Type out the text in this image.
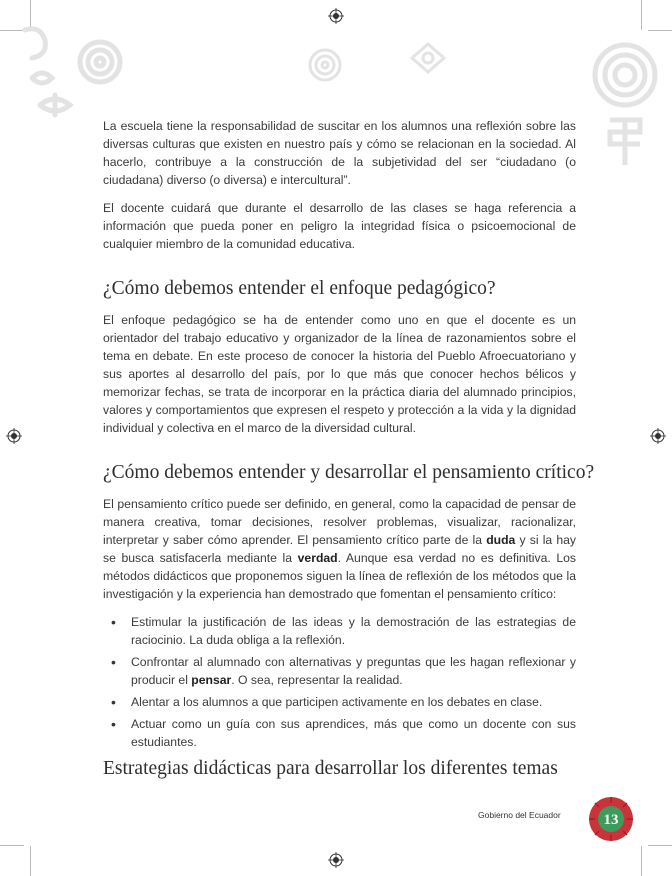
La escuela tiene la responsabilidad de suscitar en los alumnos una reflexión sobre las diversas culturas que existen en nuestro país y cómo se relacionan en la sociedad. Al hacerlo, contribuye a la construcción de la subjetividad del ser “ciudadano (o ciudadana) diverso (o diversa) e intercultural”.

El docente cuidará que durante el desarrollo de las clases se haga referencia a información que pueda poner en peligro la integridad física o psicoemocional de cualquier miembro de la comunidad educativa.

¿Cómo debemos entender el enfoque pedagógico?

El enfoque pedagógico se ha de entender como uno en que el docente es un orientador del trabajo educativo y organizador de la línea de razonamientos sobre el tema en debate. En este proceso de conocer la historia del Pueblo Afroecuatoriano y sus aportes al desarrollo del país, por lo que más que conocer hechos bélicos y memorizar fechas, se trata de incorporar en la práctica diaria del alumnado principios, valores y comportamientos que expresen el respeto y protección a la vida y la dignidad individual y colectiva en el marco de la diversidad cultural.

¿Cómo debemos entender y desarrollar el pensamiento crítico?

El pensamiento crítico puede ser definido, en general, como la capacidad de pensar de manera creativa, tomar decisiones, resolver problemas, visualizar, racionalizar, interpretar y saber cómo aprender. El pensamiento crítico parte de la duda y si la hay se busca satisfacerla mediante la verdad. Aunque esa verdad no es definitiva. Los métodos didácticos que proponemos siguen la línea de reflexión de los métodos que la investigación y la experiencia han demostrado que fomentan el pensamiento crítico:

• Estimular la justificación de las ideas y la demostración de las estrategias de raciocinio. La duda obliga a la reflexión.
• Confrontar al alumnado con alternativas y preguntas que les hagan reflexionar y producir el pensar. O sea, representar la realidad.
• Alentar a los alumnos a que participen activamente en los debates en clase.
• Actuar como un guía con sus aprendices, más que como un docente con sus estudiantes.
Estrategias didácticas para desarrollar los diferentes temas
Gobierno del Ecuador	13
